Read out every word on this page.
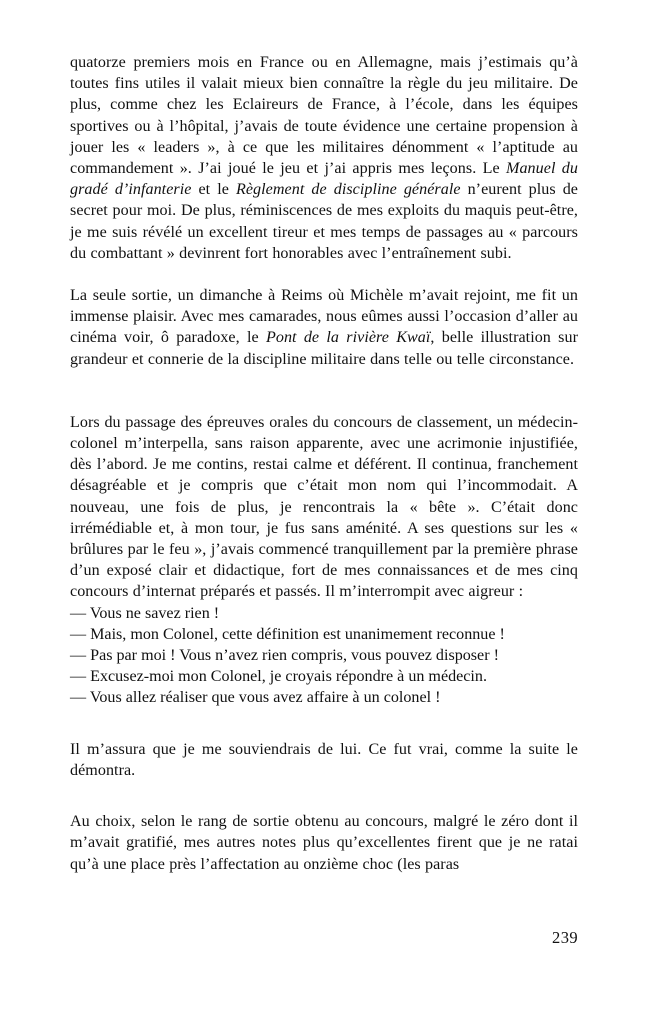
quatorze premiers mois en France ou en Allemagne, mais j’estimais qu’à toutes fins utiles il valait mieux bien connaître la règle du jeu militaire. De plus, comme chez les Eclaireurs de France, à l’école, dans les équipes sportives ou à l’hôpital, j’avais de toute évidence une certaine propension à jouer les « leaders », à ce que les militaires dénomment « l’aptitude au commandement ». J’ai joué le jeu et j’ai appris mes leçons. Le Manuel du gradé d’infanterie et le Règlement de discipline générale n’eurent plus de secret pour moi. De plus, réminiscences de mes exploits du maquis peut-être, je me suis révélé un excellent tireur et mes temps de passages au « parcours du combattant » devinrent fort honorables avec l’entraînement subi.

La seule sortie, un dimanche à Reims où Michèle m’avait rejoint, me fit un immense plaisir. Avec mes camarades, nous eûmes aussi l’occasion d’aller au cinéma voir, ô paradoxe, le Pont de la rivière Kwaï, belle illustration sur grandeur et connerie de la discipline militaire dans telle ou telle circonstance.

Lors du passage des épreuves orales du concours de classement, un médecin-colonel m’interpella, sans raison apparente, avec une acrimonie injustifiée, dès l’abord. Je me contins, restai calme et déférent. Il continua, franchement désagréable et je compris que c’était mon nom qui l’incommodait. A nouveau, une fois de plus, je rencontrais la « bête ». C’était donc irrémédiable et, à mon tour, je fus sans aménité. A ses questions sur les « brûlures par le feu », j’avais commencé tranquillement par la première phrase d’un exposé clair et didactique, fort de mes connaissances et de mes cinq concours d’internat préparés et passés. Il m’interrompit avec aigreur :

— Vous ne savez rien !

— Mais, mon Colonel, cette définition est unanimement reconnue !

— Pas par moi ! Vous n’avez rien compris, vous pouvez disposer !

— Excusez-moi mon Colonel, je croyais répondre à un médecin.

— Vous allez réaliser que vous avez affaire à un colonel !

Il m’assura que je me souviendrais de lui. Ce fut vrai, comme la suite le démontra.

Au choix, selon le rang de sortie obtenu au concours, malgré le zéro dont il m’avait gratifié, mes autres notes plus qu’excellentes firent que je ne ratai qu’à une place près l’affectation au onzième choc (les paras

239
